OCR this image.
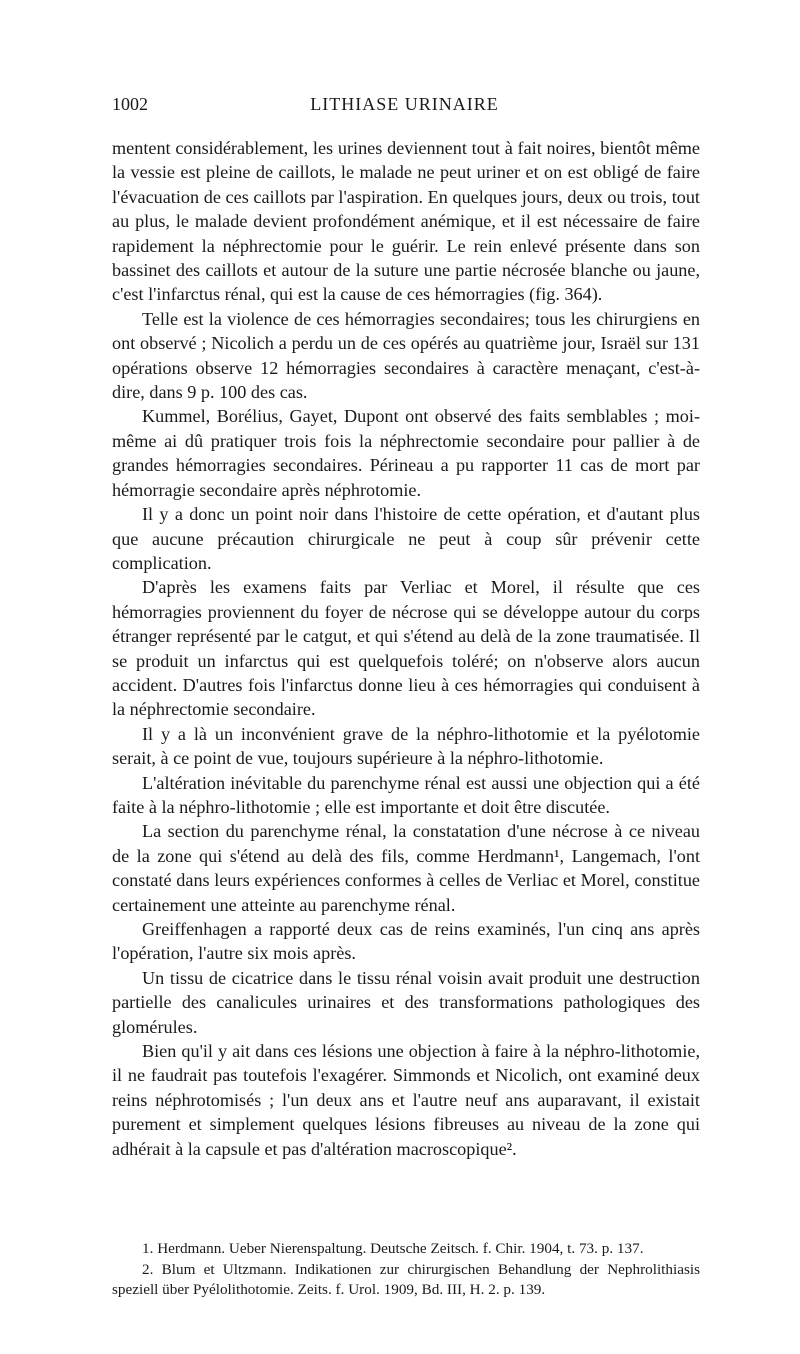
1002	LITHIASE URINAIRE

mentent considérablement, les urines deviennent tout à fait noires, bientôt même la vessie est pleine de caillots, le malade ne peut uriner et on est obligé de faire l'évacuation de ces caillots par l'aspiration. En quelques jours, deux ou trois, tout au plus, le malade devient profondément anémique, et il est nécessaire de faire rapidement la néphrectomie pour le guérir. Le rein enlevé présente dans son bassinet des caillots et autour de la suture une partie nécrosée blanche ou jaune, c'est l'infarctus rénal, qui est la cause de ces hémorragies (fig. 364).

Telle est la violence de ces hémorragies secondaires; tous les chirurgiens en ont observé ; Nicolich a perdu un de ces opérés au quatrième jour, Israël sur 131 opérations observe 12 hémorragies secondaires à caractère menaçant, c'est-à-dire, dans 9 p. 100 des cas.

Kummel, Borélius, Gayet, Dupont ont observé des faits semblables ; moi-même ai dû pratiquer trois fois la néphrectomie secondaire pour pallier à de grandes hémorragies secondaires. Périneau a pu rapporter 11 cas de mort par hémorragie secondaire après néphrotomie.

Il y a donc un point noir dans l'histoire de cette opération, et d'autant plus que aucune précaution chirurgicale ne peut à coup sûr prévenir cette complication.

D'après les examens faits par Verliac et Morel, il résulte que ces hémorragies proviennent du foyer de nécrose qui se développe autour du corps étranger représenté par le catgut, et qui s'étend au delà de la zone traumatisée. Il se produit un infarctus qui est quelquefois toléré; on n'observe alors aucun accident. D'autres fois l'infarctus donne lieu à ces hémorragies qui conduisent à la néphrectomie secondaire.

Il y a là un inconvénient grave de la néphro-lithotomie et la pyélotomie serait, à ce point de vue, toujours supérieure à la néphro-lithotomie.

L'altération inévitable du parenchyme rénal est aussi une objection qui a été faite à la néphro-lithotomie ; elle est importante et doit être discutée.

La section du parenchyme rénal, la constatation d'une nécrose à ce niveau de la zone qui s'étend au delà des fils, comme Herdmann¹, Langemach, l'ont constaté dans leurs expériences conformes à celles de Verliac et Morel, constitue certainement une atteinte au parenchyme rénal.

Greiffenhagen a rapporté deux cas de reins examinés, l'un cinq ans après l'opération, l'autre six mois après.

Un tissu de cicatrice dans le tissu rénal voisin avait produit une destruction partielle des canalicules urinaires et des transformations pathologiques des glomérules.

Bien qu'il y ait dans ces lésions une objection à faire à la néphro-lithotomie, il ne faudrait pas toutefois l'exagérer. Simmonds et Nicolich, ont examiné deux reins néphrotomisés ; l'un deux ans et l'autre neuf ans auparavant, il existait purement et simplement quelques lésions fibreuses au niveau de la zone qui adhérait à la capsule et pas d'altération macroscopique².

1. Herdmann. Ueber Nierenspaltung. Deutsche Zeitsch. f. Chir. 1904, t. 73. p. 137.

2. Blum et Ultzmann. Indikationen zur chirurgischen Behandlung der Nephrolithiasis speziell über Pyélolithotomie. Zeits. f. Urol. 1909, Bd. III, H. 2. p. 139.
